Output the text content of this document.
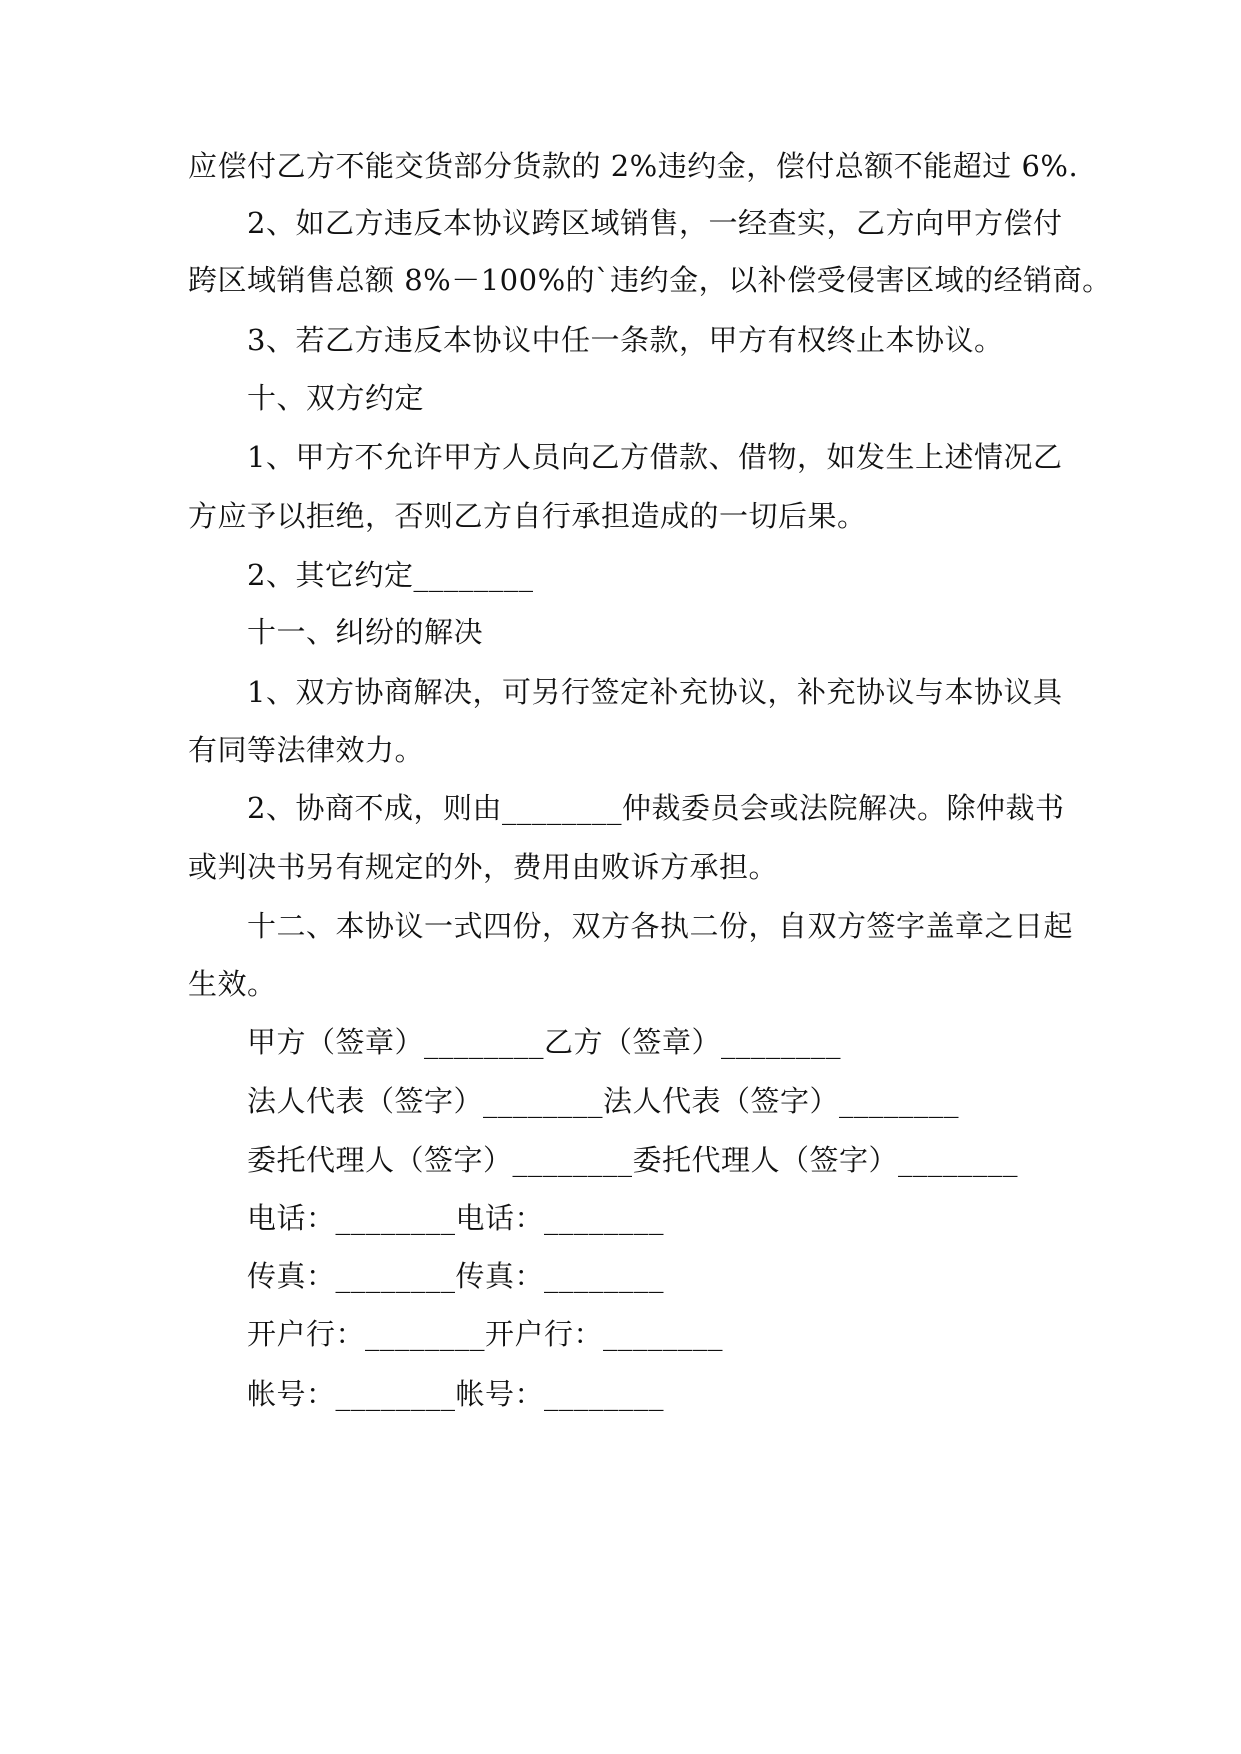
应偿付乙方不能交货部分货款的 2%违约金，偿付总额不能超过 6%.
2、如乙方违反本协议跨区域销售，一经查实，乙方向甲方偿付
跨区域销售总额 8%－100%的`违约金，以补偿受侵害区域的经销商。
3、若乙方违反本协议中任一条款，甲方有权终止本协议。
十、双方约定
1、甲方不允许甲方人员向乙方借款、借物，如发生上述情况乙
方应予以拒绝，否则乙方自行承担造成的一切后果。
2、其它约定________
十一、纠纷的解决
1、双方协商解决，可另行签定补充协议，补充协议与本协议具
有同等法律效力。
2、协商不成，则由________仲裁委员会或法院解决。除仲裁书
或判决书另有规定的外，费用由败诉方承担。
十二、本协议一式四份，双方各执二份，自双方签字盖章之日起
生效。
甲方（签章）________乙方（签章）________
法人代表（签字）________法人代表（签字）________
委托代理人（签字）________委托代理人（签字）________
电话：________电话：________
传真：________传真：________
开户行：________开户行：________
帐号：________帐号：________
